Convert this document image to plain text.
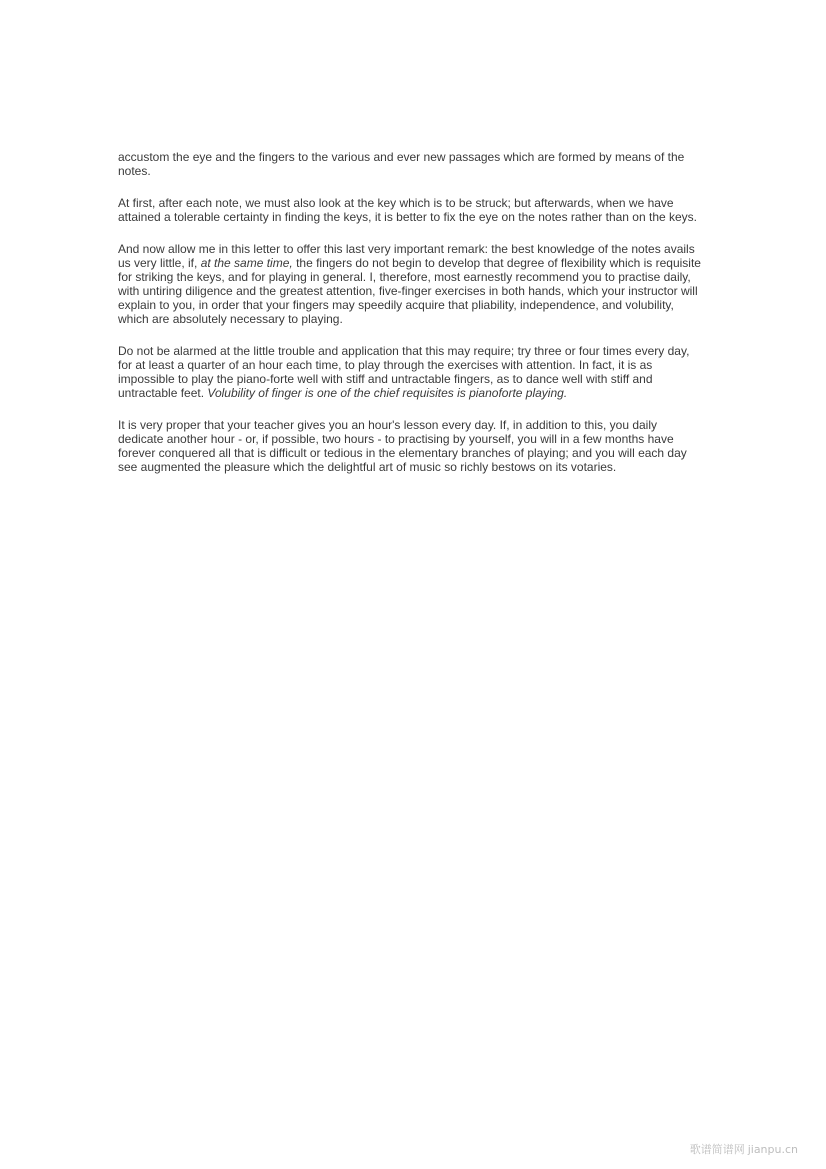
accustom the eye and the fingers to the various and ever new passages which are formed by means of the notes.

At first, after each note, we must also look at the key which is to be struck; but afterwards, when we have attained a tolerable certainty in finding the keys, it is better to fix the eye on the notes rather than on the keys.

And now allow me in this letter to offer this last very important remark: the best knowledge of the notes avails us very little, if, at the same time, the fingers do not begin to develop that degree of flexibility which is requisite for striking the keys, and for playing in general. I, therefore, most earnestly recommend you to practise daily, with untiring diligence and the greatest attention, five-finger exercises in both hands, which your instructor will explain to you, in order that your fingers may speedily acquire that pliability, independence, and volubility, which are absolutely necessary to playing.

Do not be alarmed at the little trouble and application that this may require; try three or four times every day, for at least a quarter of an hour each time, to play through the exercises with attention. In fact, it is as impossible to play the piano-forte well with stiff and untractable fingers, as to dance well with stiff and untractable feet. Volubility of finger is one of the chief requisites is pianoforte playing.

It is very proper that your teacher gives you an hour's lesson every day. If, in addition to this, you daily dedicate another hour - or, if possible, two hours - to practising by yourself, you will in a few months have forever conquered all that is difficult or tedious in the elementary branches of playing; and you will each day see augmented the pleasure which the delightful art of music so richly bestows on its votaries.

歌谱简谱网 jianpu.cn
